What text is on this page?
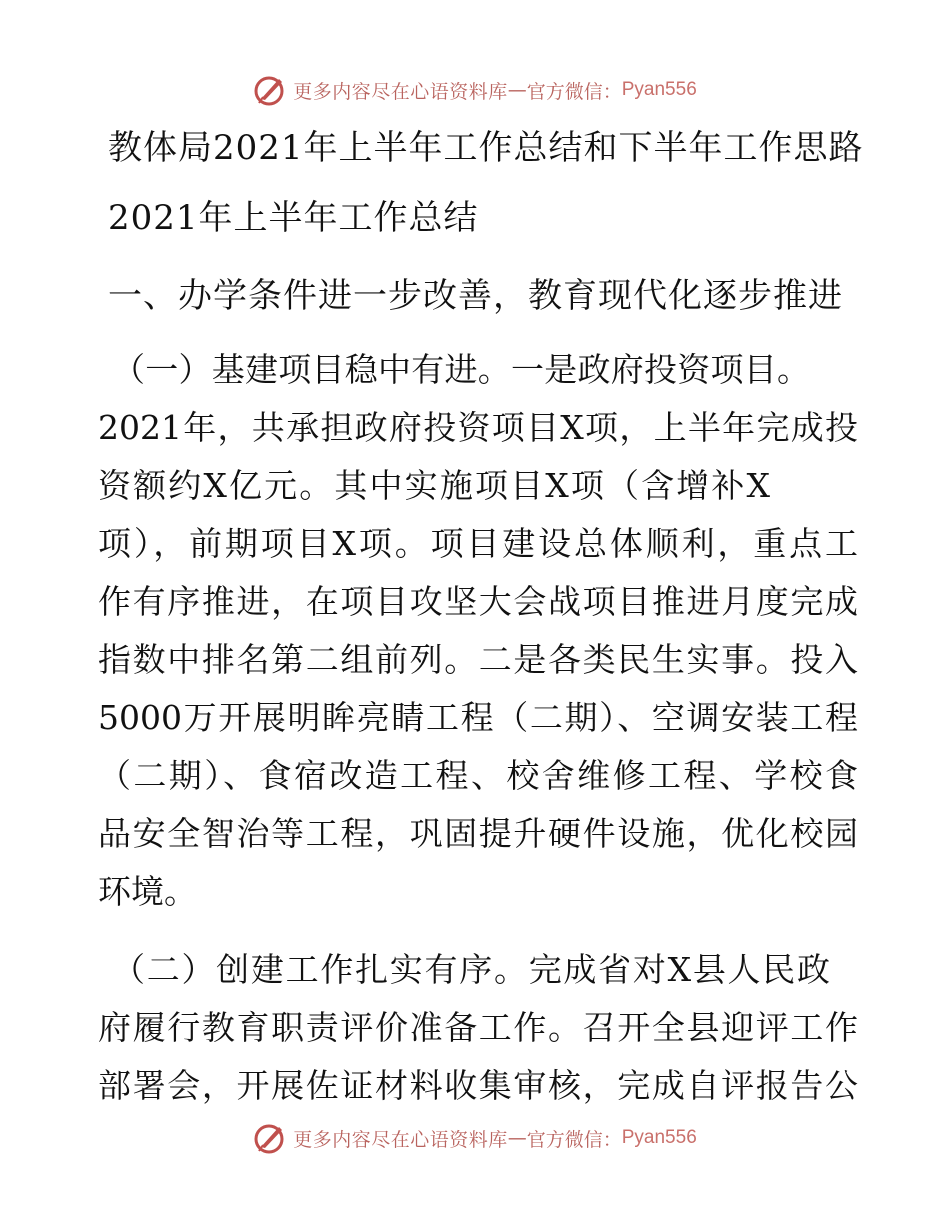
更多内容尽在心语资料库 — 官方微信： Pyan556
教体局2021年上半年工作总结和下半年工作思路
2021年上半年工作总结
一、办学条件进一步改善，教育现代化逐步推进
（一）基建项目稳中有进。一是政府投资项目。
2021年，共承担政府投资项目X项，上半年完成投
资额约X亿元。其中实施项目X项（含增补X
项），前期项目X项。项目建设总体顺利，重点工
作有序推进，在项目攻坚大会战项目推进月度完成
指数中排名第二组前列。二是各类民生实事。投入
5000万开展明眸亮睛工程（二期）、空调安装工程
（二期）、食宿改造工程、校舍维修工程、学校食
品安全智治等工程，巩固提升硬件设施，优化校园
环境。
（二）创建工作扎实有序。完成省对X县人民政
府履行教育职责评价准备工作。召开全县迎评工作
部署会，开展佐证材料收集审核，完成自评报告公
更多内容尽在心语资料库 — 官方微信： Pyan556
